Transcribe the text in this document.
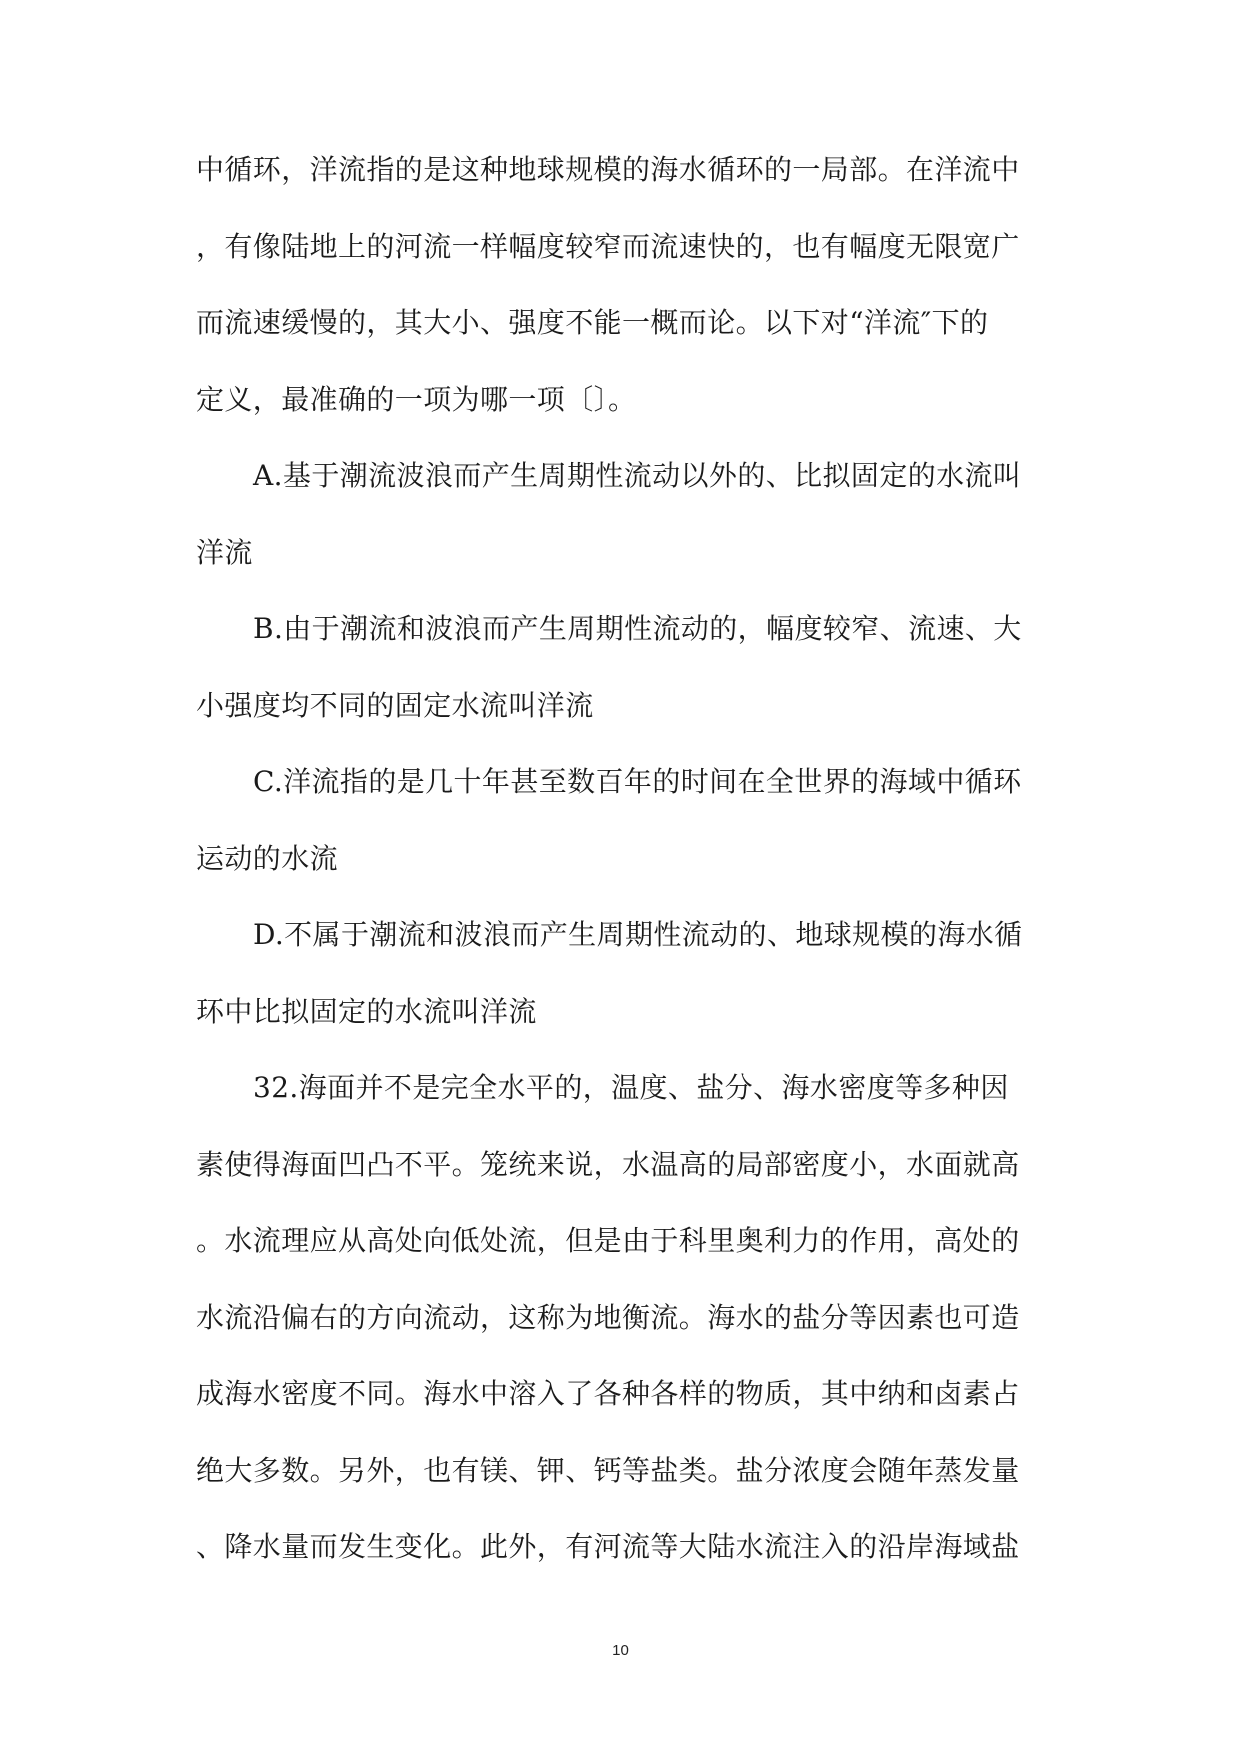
中循环，洋流指的是这种地球规模的海水循环的一局部。在洋流中
，有像陆地上的河流一样幅度较窄而流速快的，也有幅度无限宽广
而流速缓慢的，其大小、强度不能一概而论。以下对“洋流″下的
定义，最准确的一项为哪一项〔〕。
A.基于潮流波浪而产生周期性流动以外的、比拟固定的水流叫
洋流
B.由于潮流和波浪而产生周期性流动的，幅度较窄、流速、大
小强度均不同的固定水流叫洋流
C.洋流指的是几十年甚至数百年的时间在全世界的海域中循环
运动的水流
D.不属于潮流和波浪而产生周期性流动的、地球规模的海水循
环中比拟固定的水流叫洋流
32.海面并不是完全水平的，温度、盐分、海水密度等多种因
素使得海面凹凸不平。笼统来说，水温高的局部密度小，水面就高
。水流理应从高处向低处流，但是由于科里奥利力的作用，高处的
水流沿偏右的方向流动，这称为地衡流。海水的盐分等因素也可造
成海水密度不同。海水中溶入了各种各样的物质，其中纳和卤素占
绝大多数。另外，也有镁、钾、钙等盐类。盐分浓度会随年蒸发量
、降水量而发生变化。此外，有河流等大陆水流注入的沿岸海域盐
10
